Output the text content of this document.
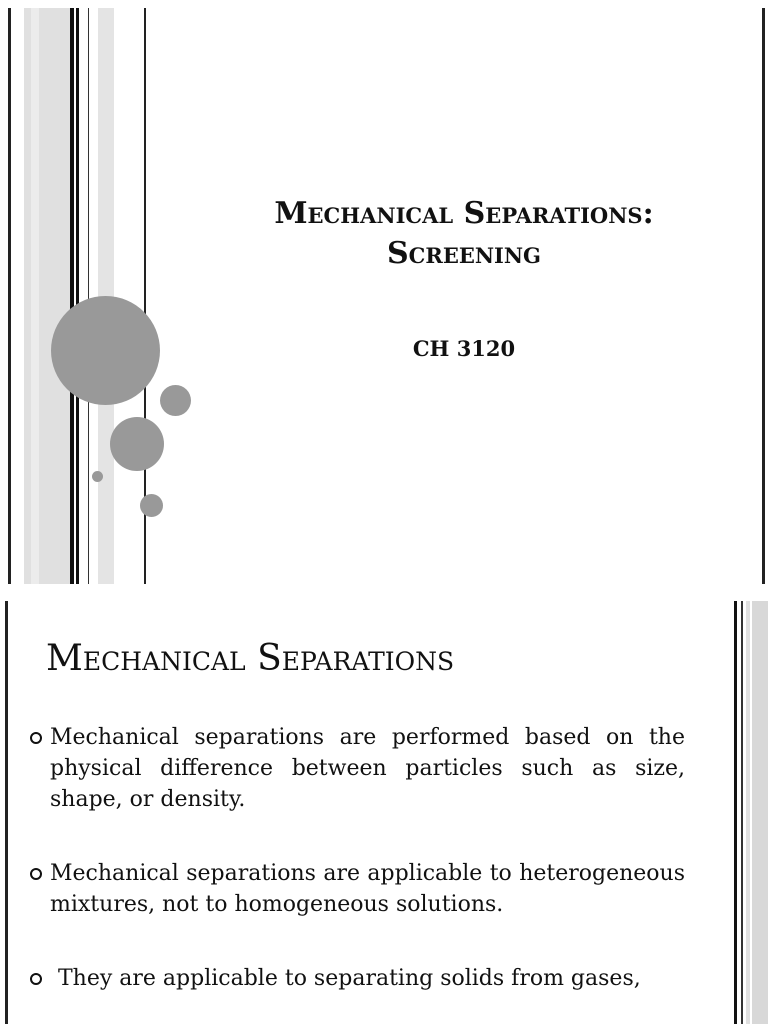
Mechanical Separations:
Screening
CH 3120
Mechanical Separations
Mechanical separations are performed based on the physical difference between particles such as size, shape, or density.
Mechanical separations are applicable to heterogeneous mixtures, not to homogeneous solutions.
They are applicable to separating solids from gases,
